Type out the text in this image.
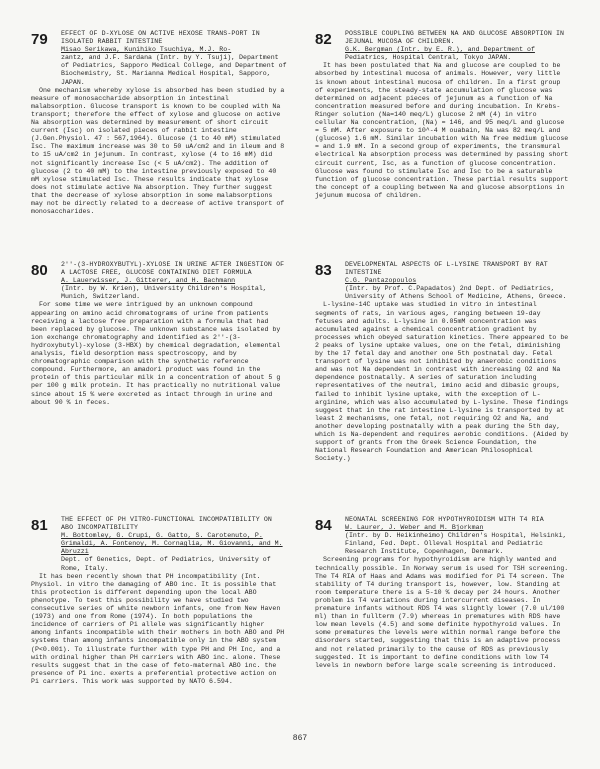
79 EFFECT OF D-XYLOSE ON ACTIVE HEXOSE TRANS-PORT IN ISOLATED RABBIT INTESTINE
Misao Serikawa, Kunihiko Tsuchiya, M.J. Ro-
zantz, and J.F. Sardana (Intr. by Y. Tsuji), Department of Pediatrics, Sapporo Medical College, and Department of Biochemistry, St. Marianna Medical Hospital, Sapporo, JAPAN.
One mechanism whereby xylose is absorbed has been studied by a measure of monosaccharide absorption in intestinal malabsorption. Glucose transport is known to be coupled with Na transport; therefore the effect of xylose and glucose on active Na absorption was determined by measurement of short circuit current (Isc) on isolated pieces of rabbit intestine (J.Gen.Physiol. 47 : 567,1964). Glucose (1 to 40 mM) stimulated Isc. The maximum increase was 30 to 50 uA/cm2 and in ileum and 8 to 15 uA/cm2 in jejunum. In contrast, xylose (4 to 16 mM) did not significantly increase Isc (< 5 uA/cm2). The addition of glucose (2 to 40 mM) to the intestine previously exposed to 40 mM xylose stimulated Isc. These results indicate that xylose does not stimulate active Na absorption. They further suggest that the decrease of xylose absorption in some malabsorptions may not be directly related to a decrease of active transport of monosaccharides.
82 POSSIBLE COUPLING BETWEEN NA AND GLUCOSE ABSORPTION IN JEJUNAL MUCOSA OF CHILDREN.
G.K. Bergman (Intr. by E. R.), and Department of
Pediatrics, Hospital Central, Tokyo JAPAN.
It has been postulated that Na and glucose are coupled to be absorbed by intestinal mucosa of animals. However, very little is known about intestinal mucosa of children. In a first group of experiments, the steady-state accumulation of glucose was determined on adjacent pieces of jejunum as a function of Na concentration measured before and during incubation. In Krebs-Ringer solution (Na=140 meq/L) glucose 2 mM (4) in vitro cellular Na concentration, (Na) = 146, and 95 meq/L and glucose = 5 mM. After exposure to 10^-4 M ouabain, Na was 82 meq/L and (glucose) 1.6 mM. Similar incubation with Na free medium glucose = and 1.9 mM. In a second group of experiments, the transmural electrical Na absorption process was determined by passing short circuit current, Isc, as a function of glucose concentration. Glucose was found to stimulate Isc and Isc to be a saturable function of glucose concentration. These partial results support the concept of a coupling between Na and glucose absorptions in jejunum mucosa of children.
80 2''-(3-HYDROXYBUTYL)-XYLOSE IN URINE AFTER INGESTION OF A LACTOSE FREE, GLUCOSE CONTAINING DIET FORMULA
A. Lauerwisser, J. Gitterer, and H. Bachmann
(Intr. by W. Krien), University Children's Hospital, Munich, Switzerland.
For some time we were intrigued by an unknown compound appearing on amino acid chromatograms of urine from patients receiving a lactose free preparation with a formula that had been replaced by glucose. The unknown substance was isolated by ion exchange chromatography and identified as 2''-(3-hydroxybutyl)-xylose (3-HBX) by chemical degradation, elemental analysis, field desorption mass spectroscopy, and by chromatographic comparison with the synthetic reference compound. Furthermore, an amadori product was found in the protein of this particular milk in a concentration of about 5 g per 100 g milk protein. It has practically no nutritional value since about 15 % were excreted as intact through in urine and about 90 % in feces.
83 DEVELOPMENTAL ASPECTS OF L-LYSINE TRANSPORT BY RAT INTESTINE
C.G. Pantazopoulos
(Intr. by Prof. C.Papadatos) 2nd Dept. of Pediatrics, University of Athens School of Medicine, Athens, Greece.
L-lysine-14C uptake was studied in vitro in intestinal segments of rats, in various ages, ranging between 19-day fetuses and adults. L-lysine in 0.05mM concentration was accumulated against a chemical concentration gradient by processes which obeyed saturation kinetics. There appeared to be 2 peaks of lysine uptake values, one on the fetal, diminishing by the 17 fetal day and another one 5th postnatal day. Fetal transport of lysine was not inhibited by anaerobic conditions and was not Na dependent in contrast with increasing O2 and Na dependence postnatally. A series of saturation including representatives of the neutral, imino acid and dibasic groups, failed to inhibit lysine uptake, with the exception of L-arginine, which was also accumulated by L-lysine. These findings suggest that in the rat intestine L-lysine is transported by at least 2 mechanisms, one fetal, not requiring O2 and Na, and another developing postnatally with a peak during the 5th day, which is Na-dependent and requires aerobic conditions. (Aided by support of grants from the Greek Science Foundation, the National Research Foundation and American Philosophical Society.)
81 THE EFFECT OF PH VITRO-FUNCTIONAL INCOMPATIBILITY ON ABO INCOMPATIBILITY
M. Bottomley, G. Crupi, G. Gatto, S. Carotenuto, P. Grimaldi, A. Fontenoy, M. Cornaglia, M. Giovanni, and M. Abruzzi
Dept. of Genetics, Dept. of Pediatrics, University of Rome, Italy.
It has been recently shown that PH incompatibility (Int. Physiol. in vitro the damaging of ABO inc. It is possible that this protection is different depending upon the local ABO phenotype. To test this possibility we have studied two consecutive series of white newborn infants, one from New Haven (1973) and one from Rome (1974). In both populations the incidence of carriers of Pi allele was significantly higher among infants incompatible with their mothers in both ABO and PH systems than among infants incompatible only in the ABO system (P<0.001). To illustrate further with type PH and PH Inc, and a with ordinal higher than PH carriers with ABO inc. alone. These results suggest that in the case of feto-maternal ABO inc. the presence of Pi inc. exerts a preferential protective action on Pi carriers. This work was supported by NATO 6.594.
84 NEONATAL SCREENING FOR HYPOTHYROIDISM WITH T4 RIA
W. Laurer, J. Weber and M. Bjorkman
(Intr. by D. Heikinheimo) Children's Hospital, Helsinki, Finland, Fed. Dept. Olleval Hospital and Pediatric Research Institute, Copenhagen, Denmark.
Screening programs for hypothyroidism are highly wanted and technically possible. In Norway serum is used for TSH screening. The T4 RIA of Haas and Adams was modified for Pi T4 screen. The stability of T4 during transport is, however, low. Standing at room temperature there is a 5-10 % decay per 24 hours. Another problem is T4 variations during intercurrent diseases. In premature infants without RDS T4 was slightly lower (7.0 ul/100 ml) than in fullterm (7.9) whereas in prematures with RDS have low mean levels (4.5) and some definite hypothyroid values. In some prematures the levels were within normal range before the disorders started, suggesting that this is an adaptive process and not related primarily to the cause of RDS as previously suggested. It is important to define conditions with low T4 levels in newborn before large scale screening is introduced.
867
